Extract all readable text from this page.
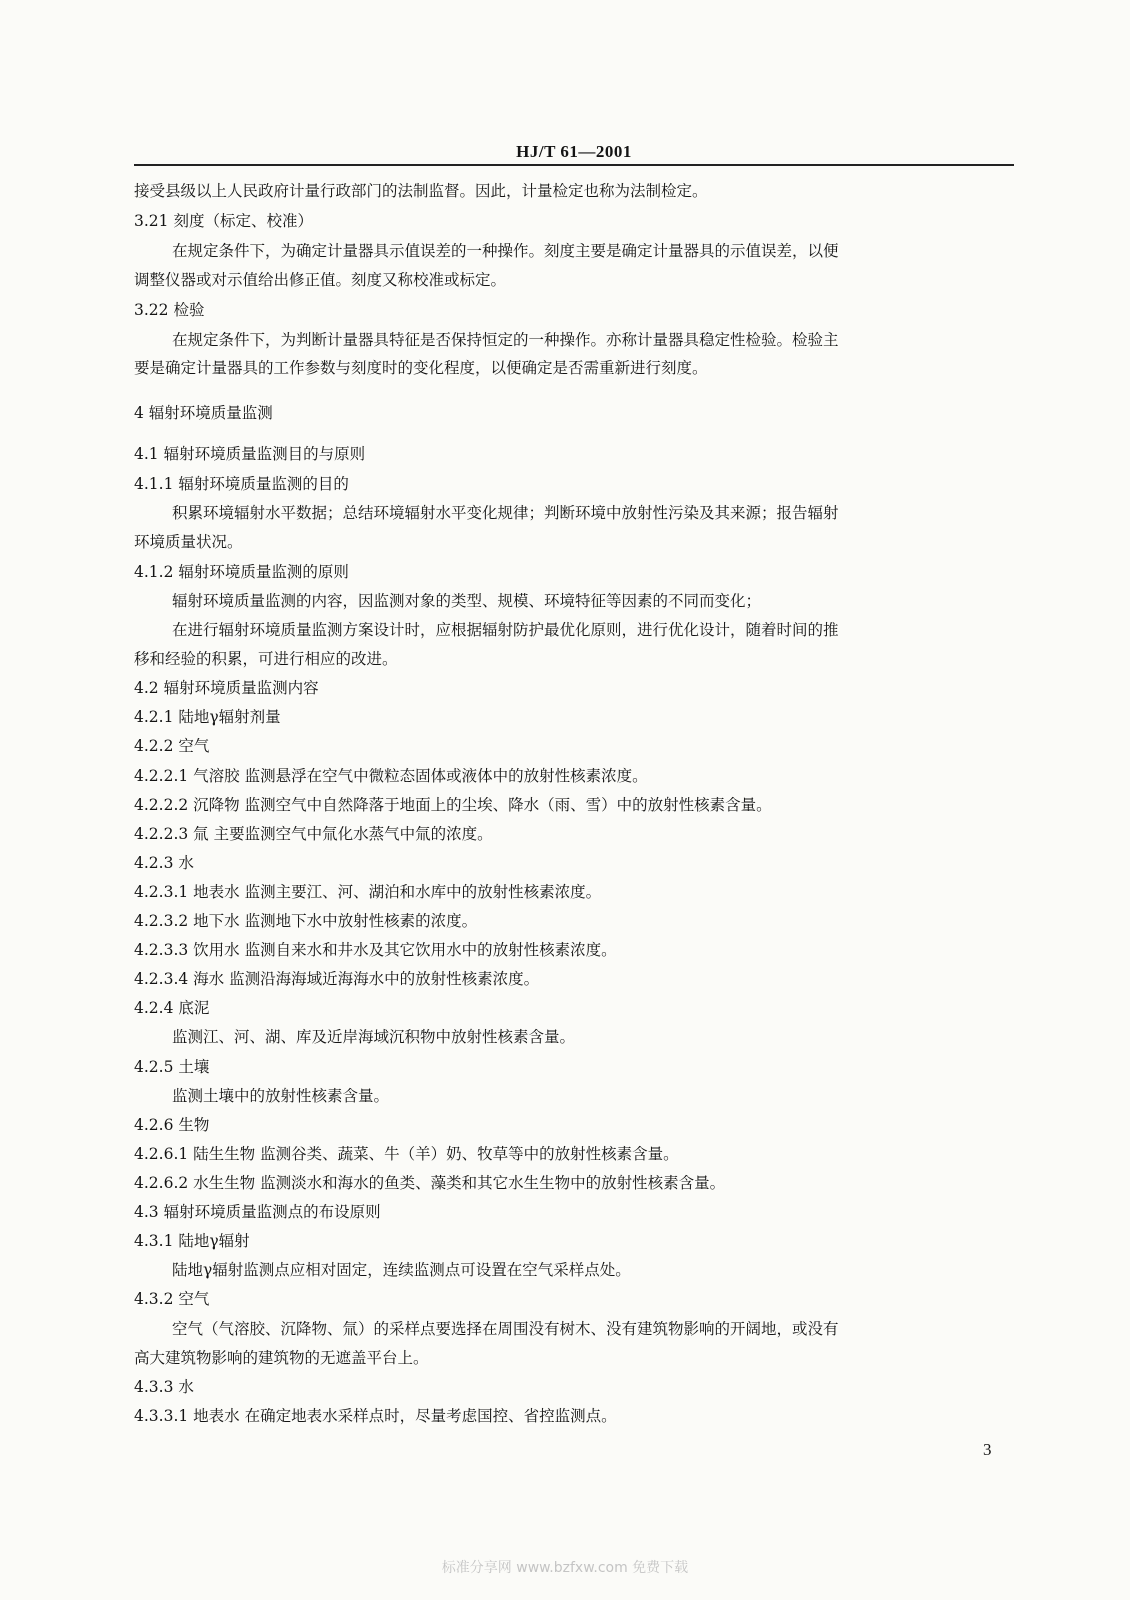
HJ/T 61—2001
接受县级以上人民政府计量行政部门的法制监督。因此，计量检定也称为法制检定。
3.21 刻度（标定、校准）
在规定条件下，为确定计量器具示值误差的一种操作。刻度主要是确定计量器具的示值误差，以便
调整仪器或对示值给出修正值。刻度又称校准或标定。
3.22 检验
在规定条件下，为判断计量器具特征是否保持恒定的一种操作。亦称计量器具稳定性检验。检验主
要是确定计量器具的工作参数与刻度时的变化程度，以便确定是否需重新进行刻度。
4 辐射环境质量监测
4.1 辐射环境质量监测目的与原则
4.1.1 辐射环境质量监测的目的
积累环境辐射水平数据；总结环境辐射水平变化规律；判断环境中放射性污染及其来源；报告辐射
环境质量状况。
4.1.2 辐射环境质量监测的原则
辐射环境质量监测的内容，因监测对象的类型、规模、环境特征等因素的不同而变化；
在进行辐射环境质量监测方案设计时，应根据辐射防护最优化原则，进行优化设计，随着时间的推
移和经验的积累，可进行相应的改进。
4.2 辐射环境质量监测内容
4.2.1 陆地γ辐射剂量
4.2.2 空气
4.2.2.1 气溶胶 监测悬浮在空气中微粒态固体或液体中的放射性核素浓度。
4.2.2.2 沉降物 监测空气中自然降落于地面上的尘埃、降水（雨、雪）中的放射性核素含量。
4.2.2.3 氚 主要监测空气中氚化水蒸气中氚的浓度。
4.2.3 水
4.2.3.1 地表水 监测主要江、河、湖泊和水库中的放射性核素浓度。
4.2.3.2 地下水 监测地下水中放射性核素的浓度。
4.2.3.3 饮用水 监测自来水和井水及其它饮用水中的放射性核素浓度。
4.2.3.4 海水 监测沿海海域近海海水中的放射性核素浓度。
4.2.4 底泥
监测江、河、湖、库及近岸海域沉积物中放射性核素含量。
4.2.5 土壤
监测土壤中的放射性核素含量。
4.2.6 生物
4.2.6.1 陆生生物 监测谷类、蔬菜、牛（羊）奶、牧草等中的放射性核素含量。
4.2.6.2 水生生物 监测淡水和海水的鱼类、藻类和其它水生生物中的放射性核素含量。
4.3 辐射环境质量监测点的布设原则
4.3.1 陆地γ辐射
陆地γ辐射监测点应相对固定，连续监测点可设置在空气采样点处。
4.3.2 空气
空气（气溶胶、沉降物、氚）的采样点要选择在周围没有树木、没有建筑物影响的开阔地，或没有
高大建筑物影响的建筑物的无遮盖平台上。
4.3.3 水
4.3.3.1 地表水 在确定地表水采样点时，尽量考虑国控、省控监测点。
3
标准分享网 www.bzfxw.com 免费下载
